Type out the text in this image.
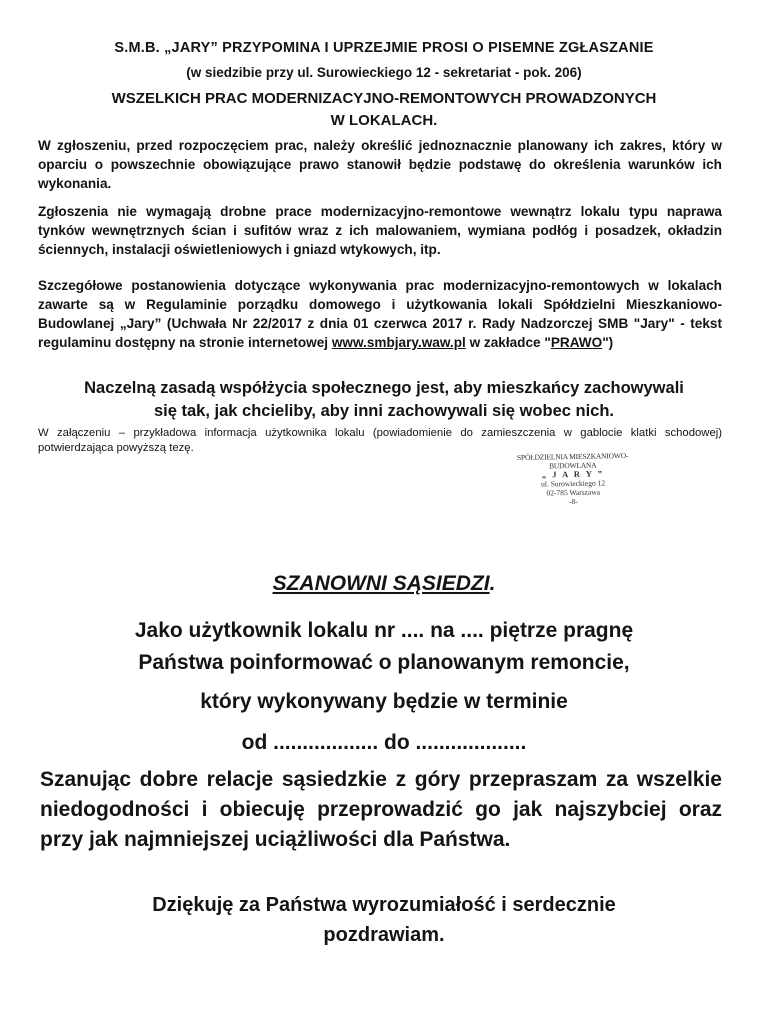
S.M.B. „JARY” PRZYPOMINA I UPRZEJMIE PROSI O PISEMNE ZGŁASZANIE
(w siedzibie przy ul. Surowieckiego 12 - sekretariat - pok. 206)
WSZELKICH PRAC MODERNIZACYJNO-REMONTOWYCH PROWADZONYCH
W LOKALACH.
W zgłoszeniu, przed rozpoczęciem prac, należy określić jednoznacznie planowany ich zakres, który w oparciu o powszechnie obowiązujące prawo stanowił będzie podstawę do określenia warunków ich wykonania.
Zgłoszenia nie wymagają drobne prace modernizacyjno-remontowe wewnątrz lokalu typu naprawa tynków wewnętrznych ścian i sufitów wraz z ich malowaniem, wymiana podłóg i posadzek, okładzin ściennych, instalacji oświetleniowych i gniazd wtykowych, itp.
Szczegółowe postanowienia dotyczące wykonywania prac modernizacyjno-remontowych w lokalach zawarte są w Regulaminie porządku domowego i użytkowania lokali Spółdzielni Mieszkaniowo-Budowlanej „Jary” (Uchwała Nr 22/2017 z dnia 01 czerwca 2017 r. Rady Nadzorczej SMB "Jary" - tekst regulaminu dostępny na stronie internetowej www.smbjary.waw.pl w zakładce "PRAWO")
Naczelną zasadą współżycia społecznego jest, aby mieszkańcy zachowywali
się tak, jak chcieliby, aby inni zachowywali się wobec nich.
W załączeniu – przykładowa informacja użytkownika lokalu (powiadomienie do zamieszczenia w gablocie klatki schodowej) potwierdzająca powyższą tezę.
SPÓŁDZIELNIA MIESZKANIOWO-BUDOWLANA
„ J A R Y ”
ul. Surowieckiego 12
02-785 Warszawa
-8-
SZANOWNI SĄSIEDZI.
Jako użytkownik lokalu nr .... na .... piętrze pragnę
Państwa poinformować o planowanym remoncie,
który wykonywany będzie w terminie
od .................. do ...................
Szanując dobre relacje sąsiedzkie z góry przepraszam za wszelkie niedogodności i obiecuję przeprowadzić go jak najszybciej oraz przy jak najmniejszej uciążliwości dla Państwa.
Dziękuję za Państwa wyrozumiałość i serdecznie
pozdrawiam.
